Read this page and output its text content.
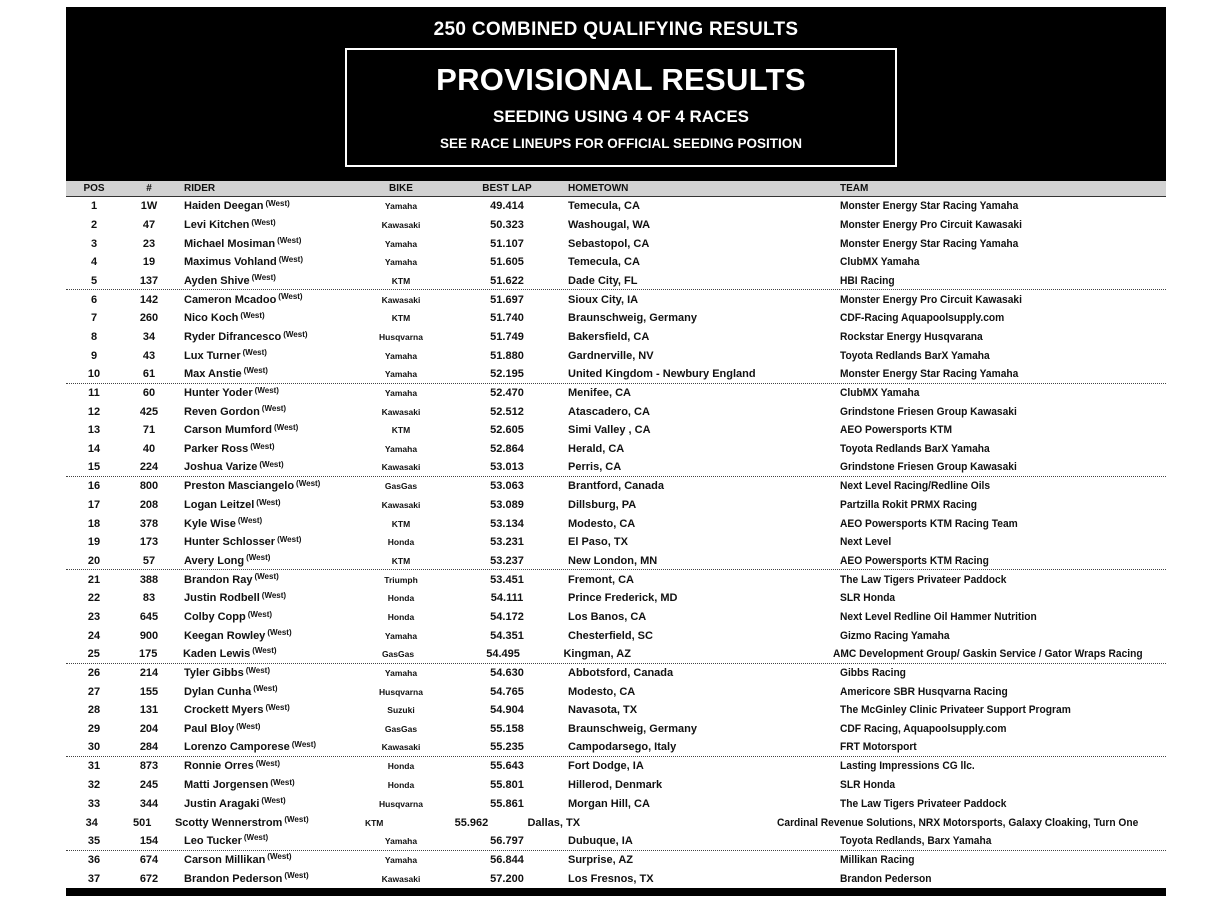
250 COMBINED QUALIFYING RESULTS
PROVISIONAL RESULTS
SEEDING USING 4 OF 4 RACES
SEE RACE LINEUPS FOR OFFICIAL SEEDING POSITION
POS	#	RIDER	BIKE	BEST LAP	HOMETOWN	TEAM
1	1W	Haiden Deegan $^{(West)}$	Yamaha	49.414	Temecula, CA	Monster Energy Star Racing Yamaha
2	47	Levi Kitchen $^{(West)}$	Kawasaki	50.323	Washougal, WA	Monster Energy Pro Circuit Kawasaki
3	23	Michael Mosiman $^{(West)}$	Yamaha	51.107	Sebastopol, CA	Monster Energy Star Racing Yamaha
4	19	Maximus Vohland $^{(West)}$	Yamaha	51.605	Temecula, CA	ClubMX Yamaha
5	137	Ayden Shive $^{(West)}$	KTM	51.622	Dade City, FL	HBI Racing
6	142	Cameron Mcadoo $^{(West)}$	Kawasaki	51.697	Sioux City, IA	Monster Energy Pro Circuit Kawasaki
7	260	Nico Koch $^{(West)}$	KTM	51.740	Braunschweig, Germany	CDF-Racing Aquapoolsupply.com
8	34	Ryder Difrancesco $^{(West)}$	Husqvarna	51.749	Bakersfield, CA	Rockstar Energy Husqvarana
9	43	Lux Turner $^{(West)}$	Yamaha	51.880	Gardnerville, NV	Toyota Redlands BarX Yamaha
10	61	Max Anstie $^{(West)}$	Yamaha	52.195	United Kingdom - Newbury England	Monster Energy Star Racing Yamaha
11	60	Hunter Yoder $^{(West)}$	Yamaha	52.470	Menifee, CA	ClubMX Yamaha
12	425	Reven Gordon $^{(West)}$	Kawasaki	52.512	Atascadero, CA	Grindstone Friesen Group Kawasaki
13	71	Carson Mumford $^{(West)}$	KTM	52.605	Simi Valley , CA	AEO Powersports KTM
14	40	Parker Ross $^{(West)}$	Yamaha	52.864	Herald, CA	Toyota Redlands BarX Yamaha
15	224	Joshua Varize $^{(West)}$	Kawasaki	53.013	Perris, CA	Grindstone Friesen Group Kawasaki
16	800	Preston Masciangelo $^{(West)}$	GasGas	53.063	Brantford, Canada	Next Level Racing/Redline Oils
17	208	Logan Leitzel $^{(West)}$	Kawasaki	53.089	Dillsburg, PA	Partzilla Rokit PRMX Racing
18	378	Kyle Wise $^{(West)}$	KTM	53.134	Modesto, CA	AEO Powersports KTM Racing Team
19	173	Hunter Schlosser $^{(West)}$	Honda	53.231	El Paso, TX	Next Level
20	57	Avery Long $^{(West)}$	KTM	53.237	New London, MN	AEO Powersports KTM Racing
21	388	Brandon Ray $^{(West)}$	Triumph	53.451	Fremont, CA	The Law Tigers Privateer Paddock
22	83	Justin Rodbell $^{(West)}$	Honda	54.111	Prince Frederick, MD	SLR Honda
23	645	Colby Copp $^{(West)}$	Honda	54.172	Los Banos, CA	Next Level Redline Oil Hammer Nutrition
24	900	Keegan Rowley $^{(West)}$	Yamaha	54.351	Chesterfield, SC	Gizmo Racing Yamaha
25	175	Kaden Lewis $^{(West)}$	GasGas	54.495	Kingman, AZ	AMC Development Group/ Gaskin Service / Gator Wraps Racing
26	214	Tyler Gibbs $^{(West)}$	Yamaha	54.630	Abbotsford, Canada	Gibbs Racing
27	155	Dylan Cunha $^{(West)}$	Husqvarna	54.765	Modesto, CA	Americore SBR Husqvarna Racing
28	131	Crockett Myers $^{(West)}$	Suzuki	54.904	Navasota, TX	The McGinley Clinic Privateer Support Program
29	204	Paul Bloy $^{(West)}$	GasGas	55.158	Braunschweig, Germany	CDF Racing, Aquapoolsupply.com
30	284	Lorenzo Camporese $^{(West)}$	Kawasaki	55.235	Campodarsego, Italy	FRT Motorsport
31	873	Ronnie Orres $^{(West)}$	Honda	55.643	Fort Dodge, IA	Lasting Impressions CG llc.
32	245	Matti Jorgensen $^{(West)}$	Honda	55.801	Hillerod, Denmark	SLR Honda
33	344	Justin Aragaki $^{(West)}$	Husqvarna	55.861	Morgan Hill, CA	The Law Tigers Privateer Paddock
34	501	Scotty Wennerstrom $^{(West)}$	KTM	55.962	Dallas, TX	Cardinal Revenue Solutions, NRX Motorsports, Galaxy Cloaking, Turn One
35	154	Leo Tucker $^{(West)}$	Yamaha	56.797	Dubuque, IA	Toyota Redlands, Barx Yamaha
36	674	Carson Millikan $^{(West)}$	Yamaha	56.844	Surprise, AZ	Millikan Racing
37	672	Brandon Pederson $^{(West)}$	Kawasaki	57.200	Los Fresnos, TX	Brandon Pederson
